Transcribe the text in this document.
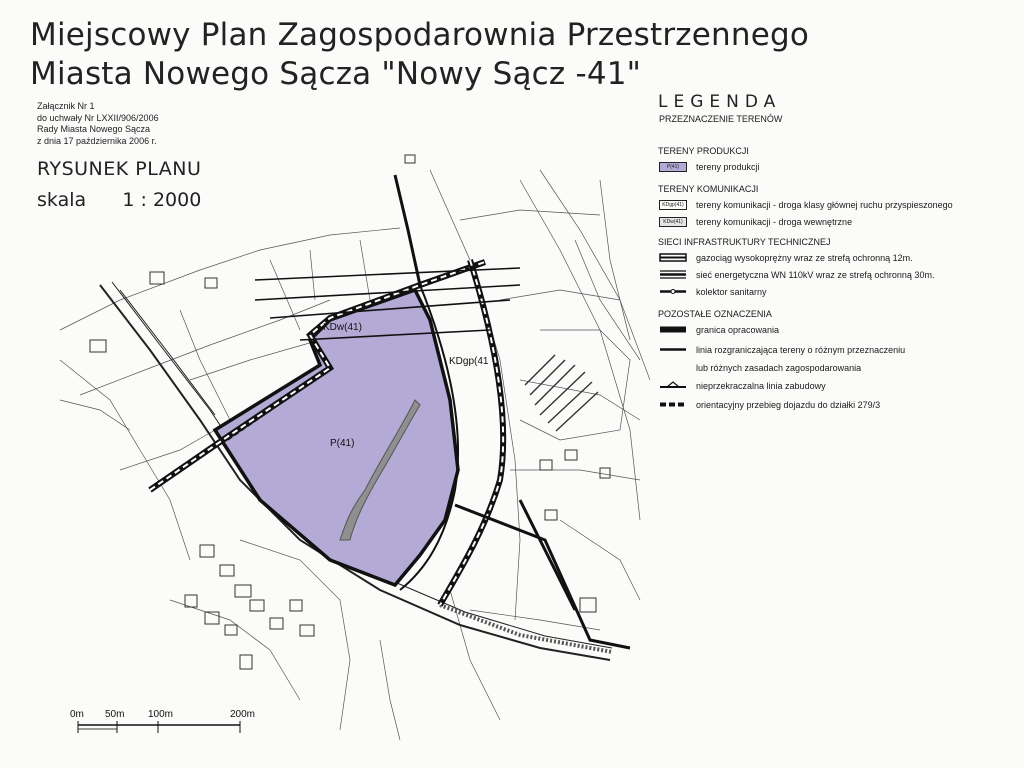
Miejscowy Plan Zagospodarownia Przestrzennego
Miasta Nowego Sącza "Nowy Sącz -41"
Załącznik Nr 1
do uchwały Nr LXXII/906/2006
Rady Miasta Nowego Sącza
z dnia 17 października 2006 r.
RYSUNEK PLANU
skala 1 : 2000
KDw(41)
KDgp(41
P(41)
LEGENDA
PRZEZNACZENIE TERENÓW
TERENY PRODUKCJI
P(41)	tereny produkcji
TERENY KOMUNIKACJI
KDgp(41)	tereny komunikacji - droga klasy głównej ruchu przyspieszonego
KDw(41)	tereny komunikacji - droga wewnętrzne
SIECI INFRASTRUKTURY TECHNICZNEJ
gazociąg wysokoprężny wraz ze strefą ochronną 12m.
sieć energetyczna WN 110kV wraz ze strefą ochronną 30m.
kolektor sanitarny
POZOSTAŁE OZNACZENIA
granica opracowania
linia rozgraniczająca tereny o różnym przeznaczeniu
lub różnych zasadach zagospodarowania
nieprzekraczalna linia zabudowy
orientacyjny przebieg dojazdu do działki 279/3
0m 50m 100m	200m
